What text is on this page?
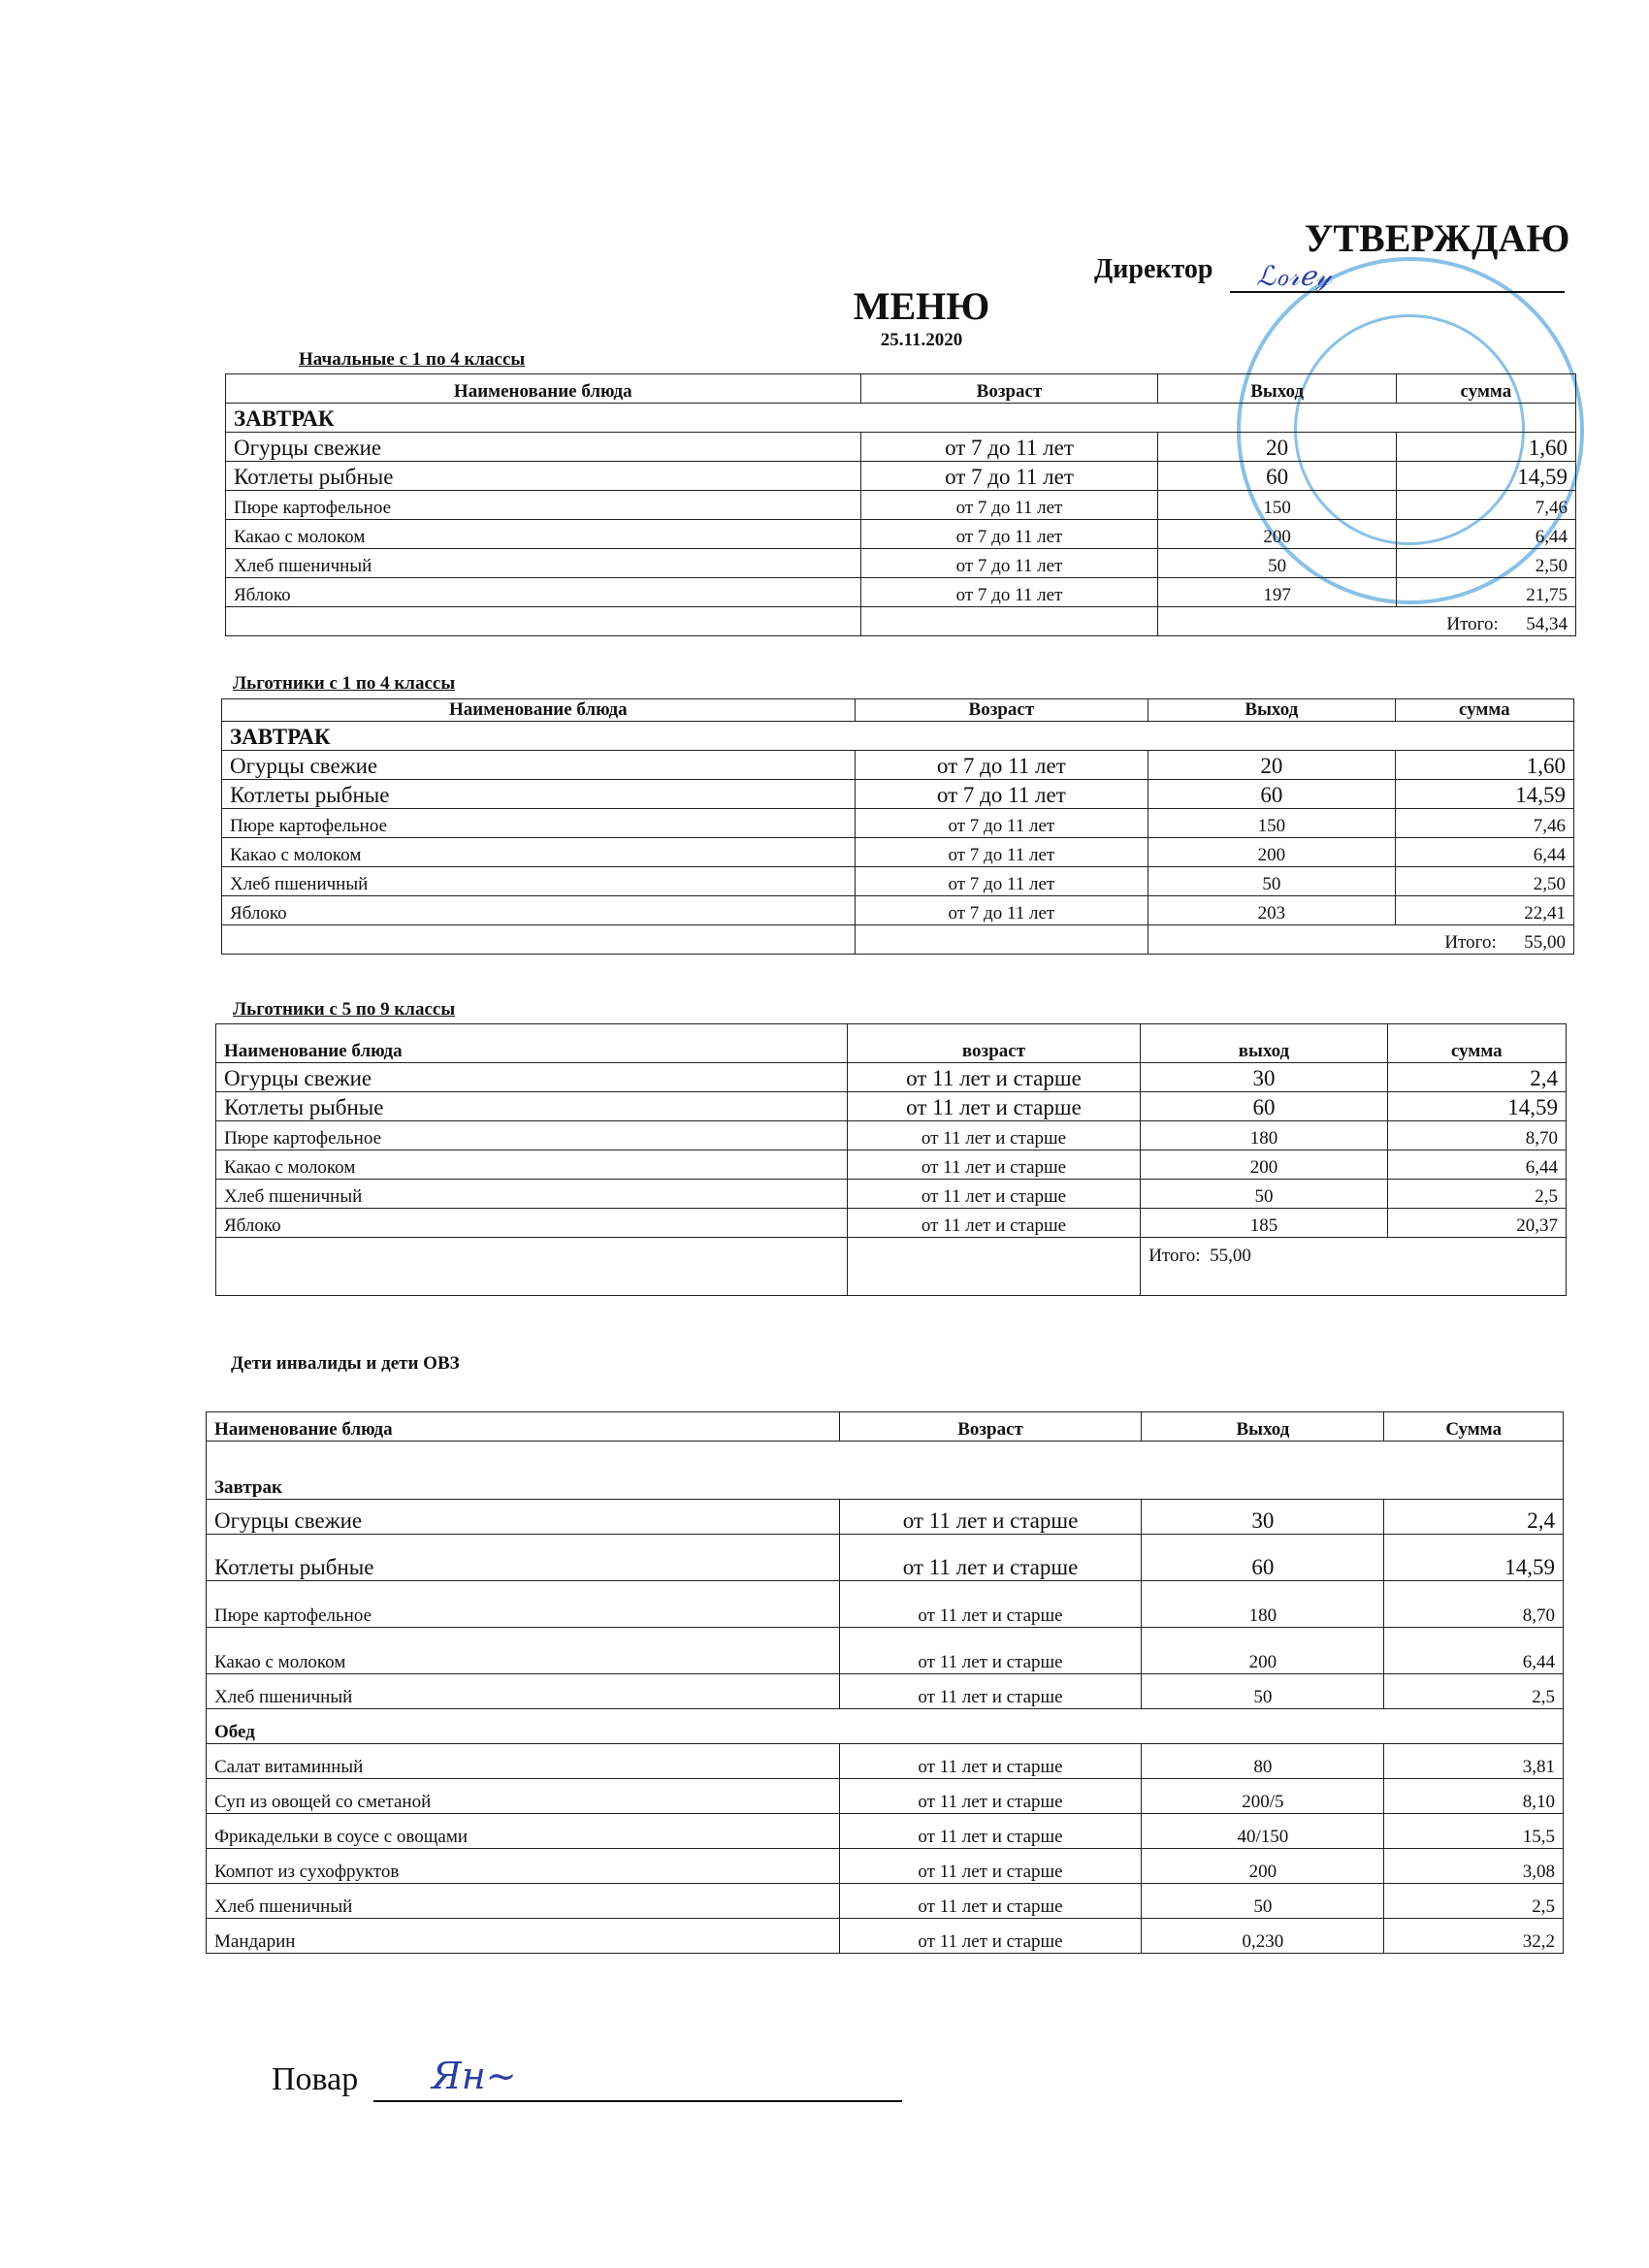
УТВЕРЖДАЮ
Директор ℒℴ𝓇ℯ𝓎
МЕНЮ
25.11.2020
Начальные с 1 по 4 классы
Наименование блюда	Возраст	Выход	сумма
ЗАВТРАК			
Огурцы свежие	от 7 до 11 лет	20	1,60
Котлеты рыбные	от 7 до 11 лет	60	14,59
Пюре картофельное	от 7 до 11 лет	150	7,46
Какао с молоком	от 7 до 11 лет	200	6,44
Хлеб пшеничный	от 7 до 11 лет	50	2,50
Яблоко	от 7 до 11 лет	197	21,75
		Итого:      54,34	
Льготники с 1 по 4 классы
Наименование блюда	Возраст	Выход	сумма
ЗАВТРАК			
Огурцы свежие	от 7 до 11 лет	20	1,60
Котлеты рыбные	от 7 до 11 лет	60	14,59
Пюре картофельное	от 7 до 11 лет	150	7,46
Какао с молоком	от 7 до 11 лет	200	6,44
Хлеб пшеничный	от 7 до 11 лет	50	2,50
Яблоко	от 7 до 11 лет	203	22,41
		Итого:      55,00	
Льготники с 5 по 9 классы
Наименование блюда	возраст	выход	сумма
Огурцы свежие	от 11 лет и старше	30	2,4
Котлеты рыбные	от 11 лет и старше	60	14,59
Пюре картофельное	от 11 лет и старше	180	8,70
Какао с молоком	от 11 лет и старше	200	6,44
Хлеб пшеничный	от 11 лет и старше	50	2,5
Яблоко	от 11 лет и старше	185	20,37
		Итого:  55,00	
Дети инвалиды и дети ОВЗ
Наименование блюда	Возраст	Выход	Сумма
Завтрак			
Огурцы свежие	от 11 лет и старше	30	2,4
Котлеты рыбные	от 11 лет и старше	60	14,59
Пюре картофельное	от 11 лет и старше	180	8,70
Какао с молоком	от 11 лет и старше	200	6,44
Хлеб пшеничный	от 11 лет и старше	50	2,5
Обед			
Салат витаминный	от 11 лет и старше	80	3,81
Суп из овощей со сметаной	от 11 лет и старше	200/5	8,10
Фрикадельки в соусе с овощами	от 11 лет и старше	40/150	15,5
Компот из сухофруктов	от 11 лет и старше	200	3,08
Хлеб пшеничный	от 11 лет и старше	50	2,5
Мандарин	от 11 лет и старше	0,230	32,2
Повар Ян∼
